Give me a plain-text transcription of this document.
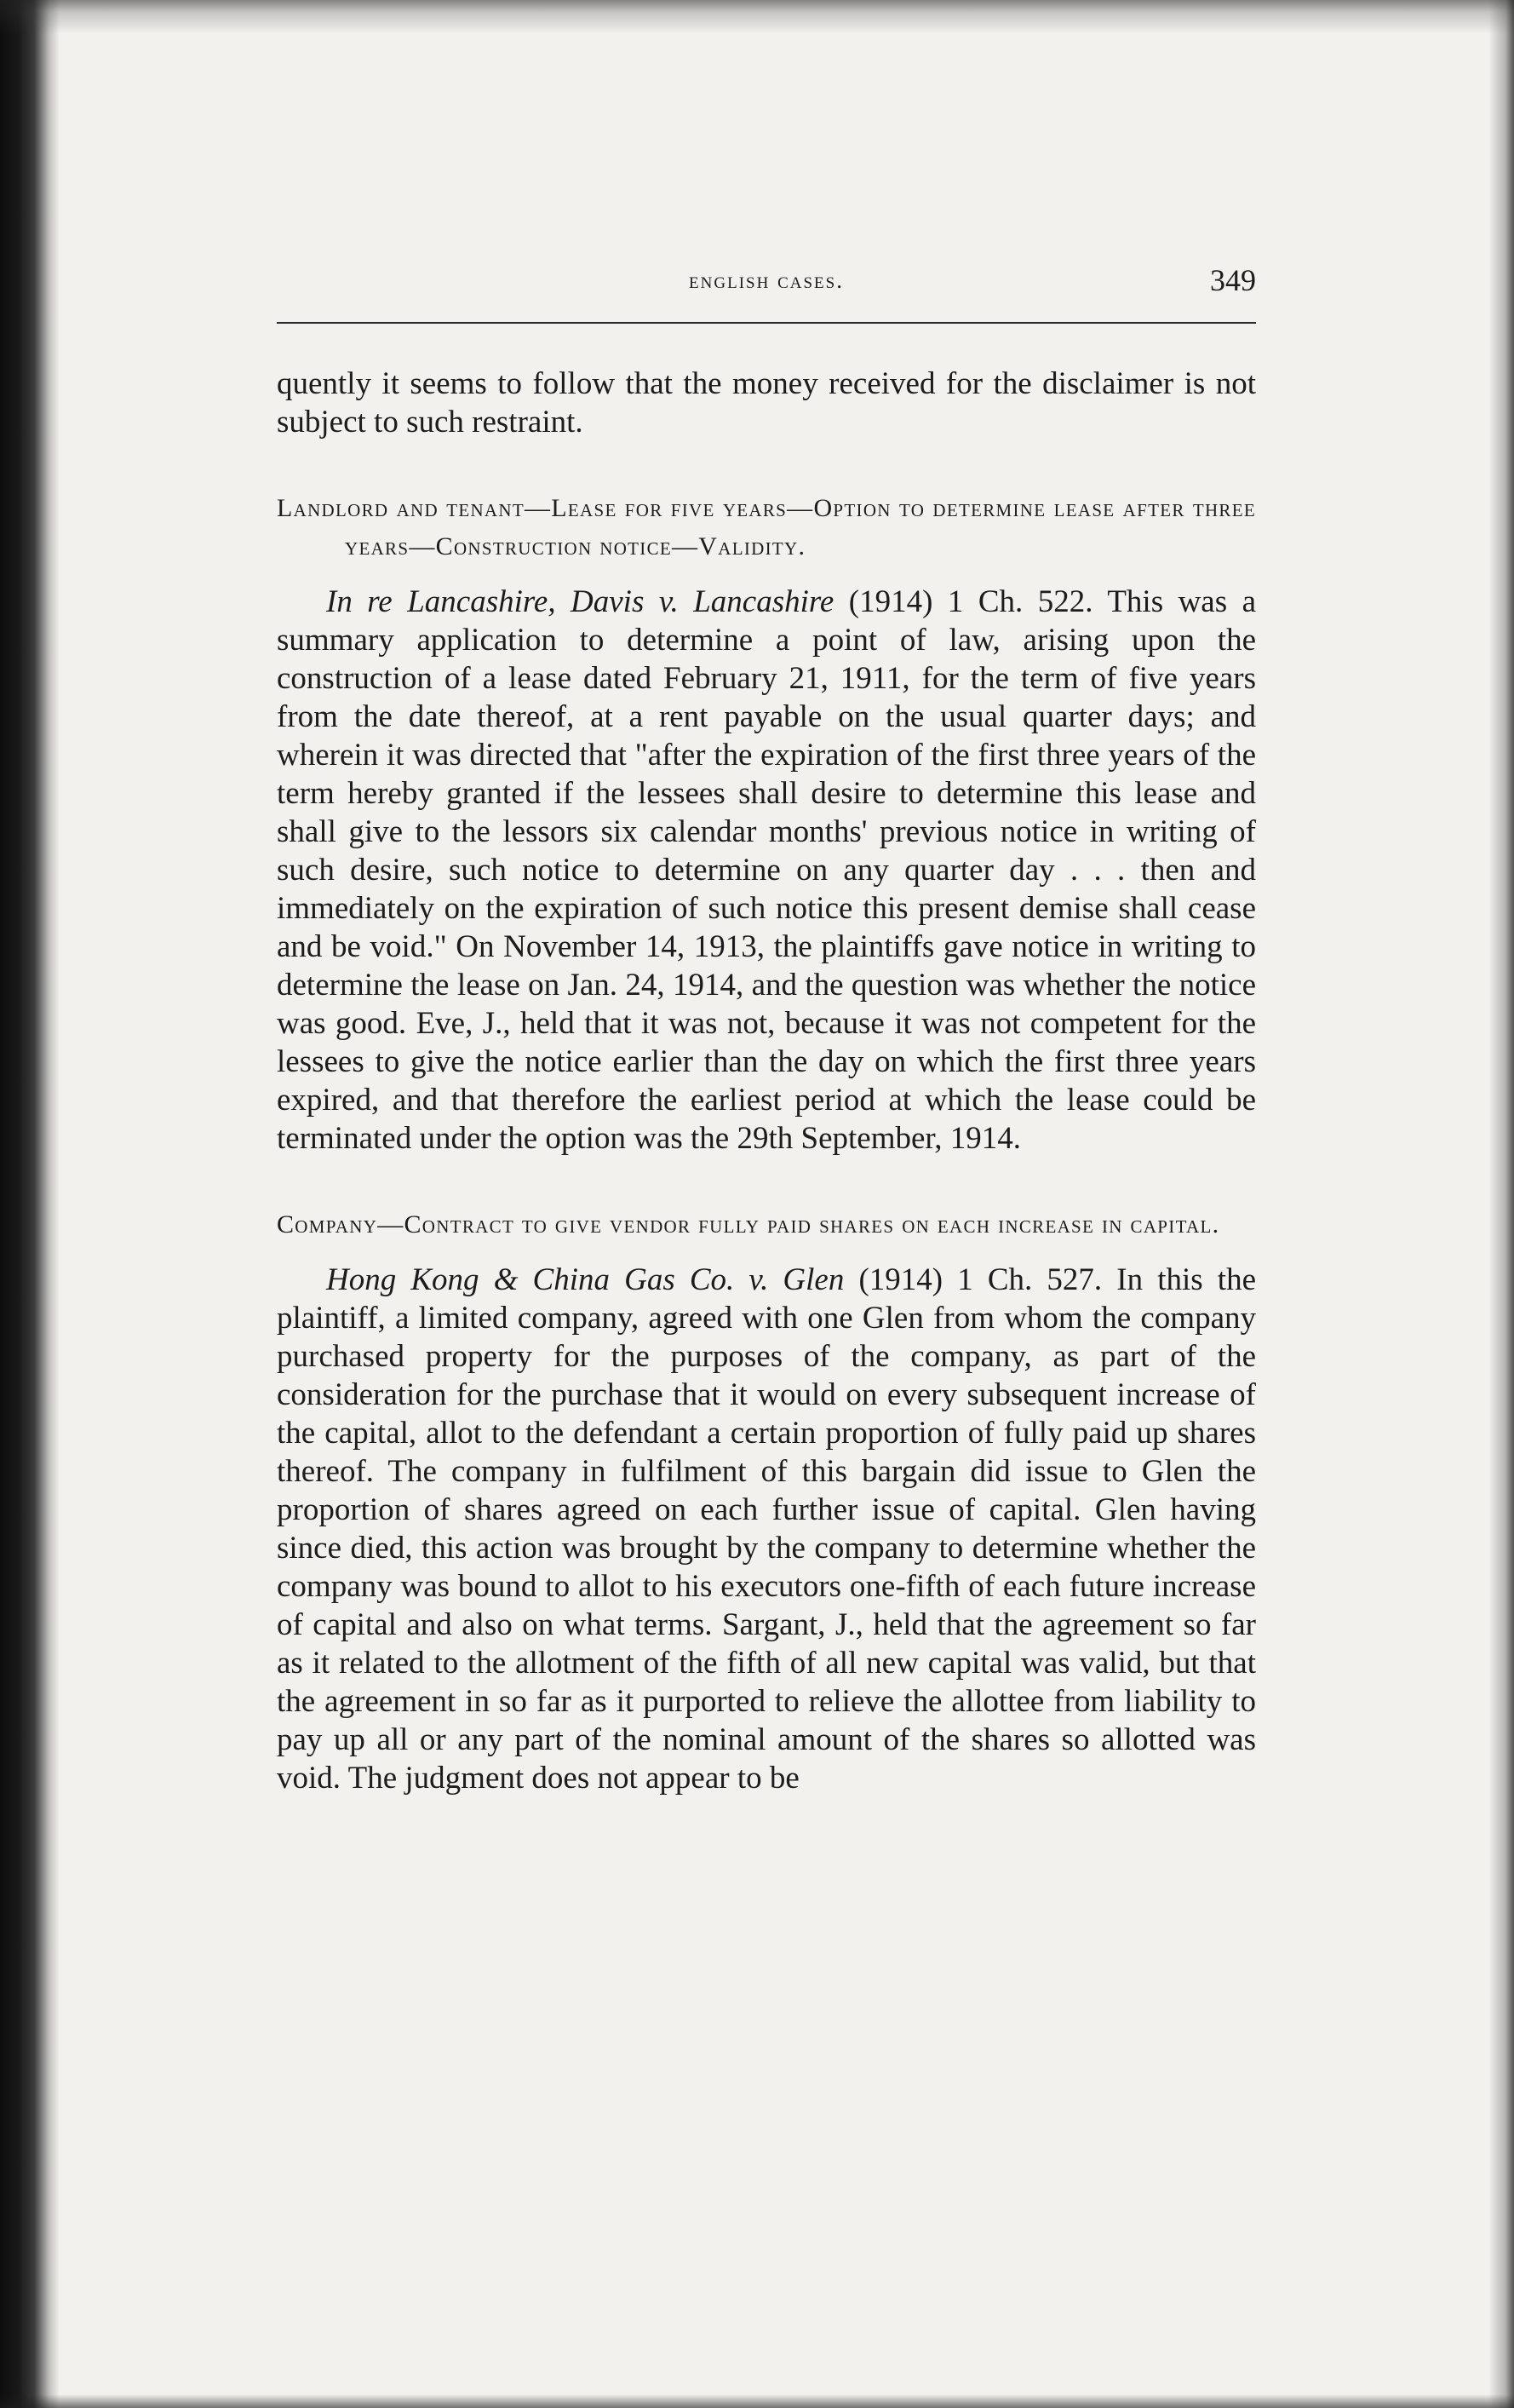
english cases.	349

quently it seems to follow that the money received for the disclaimer is not subject to such restraint.

Landlord and tenant—Lease for five years—Option to determine lease after three years—Construction notice—Validity.

In re Lancashire, Davis v. Lancashire (1914) 1 Ch. 522. This was a summary application to determine a point of law, arising upon the construction of a lease dated February 21, 1911, for the term of five years from the date thereof, at a rent payable on the usual quarter days; and wherein it was directed that "after the expiration of the first three years of the term hereby granted if the lessees shall desire to determine this lease and shall give to the lessors six calendar months' previous notice in writing of such desire, such notice to determine on any quarter day . . . then and immediately on the expiration of such notice this present demise shall cease and be void." On November 14, 1913, the plaintiffs gave notice in writing to determine the lease on Jan. 24, 1914, and the question was whether the notice was good. Eve, J., held that it was not, because it was not competent for the lessees to give the notice earlier than the day on which the first three years expired, and that therefore the earliest period at which the lease could be terminated under the option was the 29th September, 1914.

Company—Contract to give vendor fully paid shares on each increase in capital.

Hong Kong & China Gas Co. v. Glen (1914) 1 Ch. 527. In this the plaintiff, a limited company, agreed with one Glen from whom the company purchased property for the purposes of the company, as part of the consideration for the purchase that it would on every subsequent increase of the capital, allot to the defendant a certain proportion of fully paid up shares thereof. The company in fulfilment of this bargain did issue to Glen the proportion of shares agreed on each further issue of capital. Glen having since died, this action was brought by the company to determine whether the company was bound to allot to his executors one-fifth of each future increase of capital and also on what terms. Sargant, J., held that the agreement so far as it related to the allotment of the fifth of all new capital was valid, but that the agreement in so far as it purported to relieve the allottee from liability to pay up all or any part of the nominal amount of the shares so allotted was void. The judgment does not appear to be
